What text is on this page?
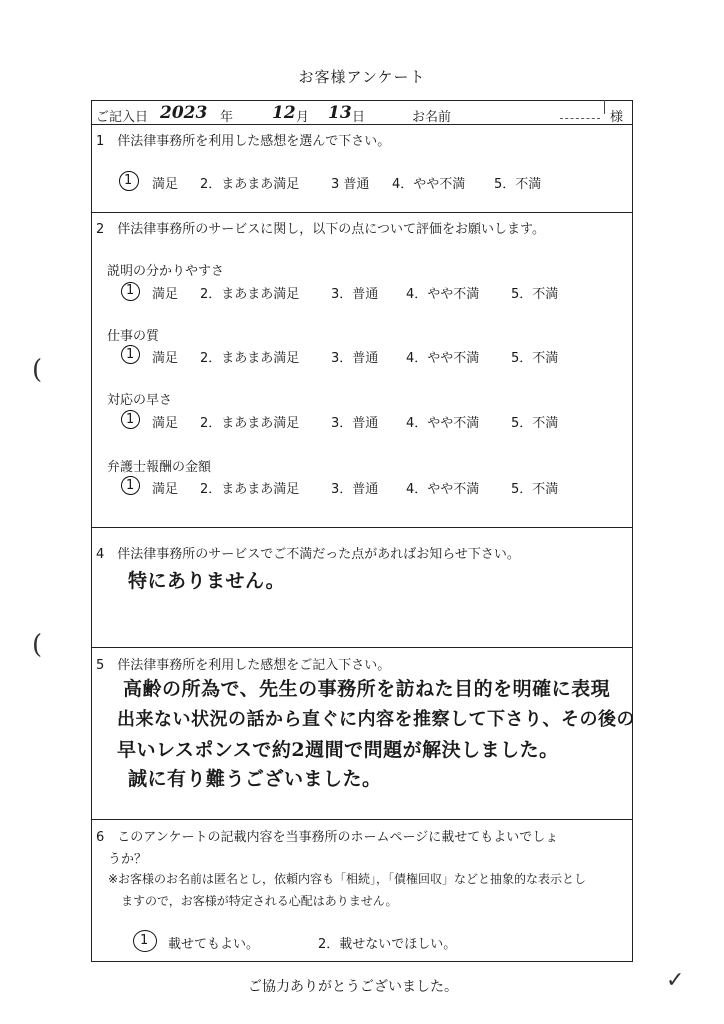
お客様アンケート
ご記入日 2023 年 12 月 13 日	お名前	様
1　伴法律事務所を利用した感想を選んで下さい。
1 満足 2．まあまあ満足 3 普通 4．やや不満 5．不満
2　伴法律事務所のサービスに関し，以下の点について評価をお願いします。
説明の分かりやすさ
1 満足 2．まあまあ満足 3．普通 4．やや不満 5．不満
仕事の質
1 満足 2．まあまあ満足 3．普通 4．やや不満 5．不満
対応の早さ
1 満足 2．まあまあ満足 3．普通 4．やや不満 5．不満
弁護士報酬の金額
1 満足 2．まあまあ満足 3．普通 4．やや不満 5．不満
4　伴法律事務所のサービスでご不満だった点があればお知らせ下さい。
特にありません。
5　伴法律事務所を利用した感想をご記入下さい。
高齢の所為で、先生の事務所を訪ねた目的を明確に表現
出来ない状況の話から直ぐに内容を推察して下さり、その後の
早いレスポンスで約2週間で問題が解決しました。
誠に有り難うございました。
6　このアンケートの記載内容を当事務所のホームページに載せてもよいでしょ
うか？
※お客様のお名前は匿名とし，依頼内容も「相続」，「債権回収」などと抽象的な表示とし
ますので，お客様が特定される心配はありません。
1 載せてもよい。	2．載せないでほしい。
ご協力ありがとうございました。	✓
(
(
